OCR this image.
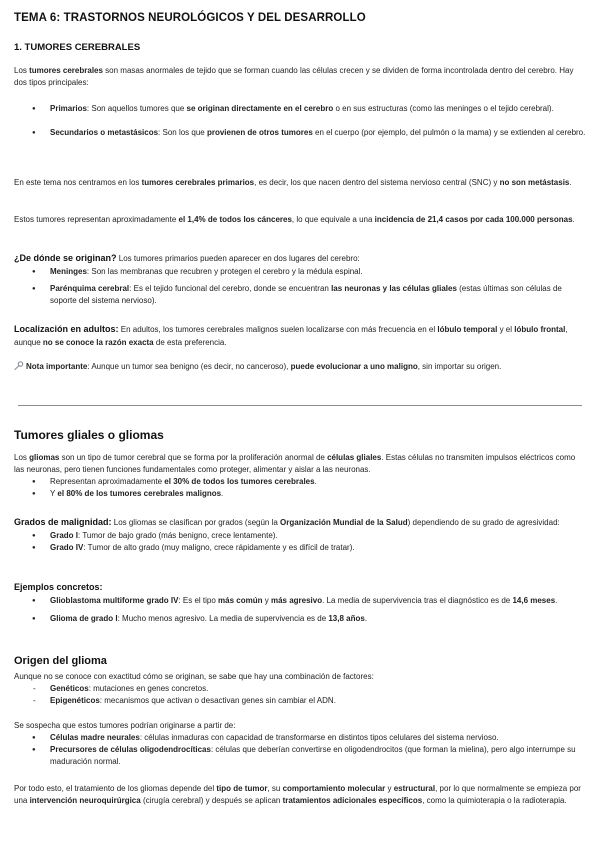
TEMA 6: TRASTORNOS NEUROLÓGICOS Y DEL DESARROLLO
1. TUMORES CEREBRALES

Los tumores cerebrales son masas anormales de tejido que se forman cuando las células crecen y se dividen de forma incontrolada dentro del cerebro. Hay dos tipos principales:

● Primarios: Son aquellos tumores que se originan directamente en el cerebro o en sus estructuras (como las meninges o el tejido cerebral).
● Secundarios o metastásicos: Son los que provienen de otros tumores en el cuerpo (por ejemplo, del pulmón o la mama) y se extienden al cerebro.

En este tema nos centramos en los tumores cerebrales primarios, es decir, los que nacen dentro del sistema nervioso central (SNC) y no son metástasis.

Estos tumores representan aproximadamente el 1,4% de todos los cánceres, lo que equivale a una incidencia de 21,4 casos por cada 100.000 personas.

¿De dónde se originan? Los tumores primarios pueden aparecer en dos lugares del cerebro:

● Meninges: Son las membranas que recubren y protegen el cerebro y la médula espinal.
● Parénquima cerebral: Es el tejido funcional del cerebro, donde se encuentran las neuronas y las células gliales (estas últimas son células de soporte del sistema nervioso).

Localización en adultos: En adultos, los tumores cerebrales malignos suelen localizarse con más frecuencia en el lóbulo temporal y el lóbulo frontal, aunque no se conoce la razón exacta de esta preferencia.

Nota importante: Aunque un tumor sea benigno (es decir, no canceroso), puede evolucionar a uno maligno, sin importar su origen.

Tumores gliales o gliomas

Los gliomas son un tipo de tumor cerebral que se forma por la proliferación anormal de células gliales. Estas células no transmiten impulsos eléctricos como las neuronas, pero tienen funciones fundamentales como proteger, alimentar y aislar a las neuronas.

● Representan aproximadamente el 30% de todos los tumores cerebrales.
● Y el 80% de los tumores cerebrales malignos.

Grados de malignidad: Los gliomas se clasifican por grados (según la Organización Mundial de la Salud) dependiendo de su grado de agresividad:

● Grado I: Tumor de bajo grado (más benigno, crece lentamente).
● Grado IV: Tumor de alto grado (muy maligno, crece rápidamente y es difícil de tratar).

Ejemplos concretos:

● Glioblastoma multiforme grado IV: Es el tipo más común y más agresivo. La media de supervivencia tras el diagnóstico es de 14,6 meses.
● Glioma de grado I: Mucho menos agresivo. La media de supervivencia es de 13,8 años.
Origen del glioma

Aunque no se conoce con exactitud cómo se originan, se sabe que hay una combinación de factores:

- Genéticos: mutaciones en genes concretos.
- Epigenéticos: mecanismos que activan o desactivan genes sin cambiar el ADN.

Se sospecha que estos tumores podrían originarse a partir de:

● Células madre neurales: células inmaduras con capacidad de transformarse en distintos tipos celulares del sistema nervioso.
● Precursores de células oligodendrocíticas: células que deberían convertirse en oligodendrocitos (que forman la mielina), pero algo interrumpe su maduración normal.

Por todo esto, el tratamiento de los gliomas depende del tipo de tumor, su comportamiento molecular y estructural, por lo que normalmente se empieza por una intervención neuroquirúrgica (cirugía cerebral) y después se aplican tratamientos adicionales específicos, como la quimioterapia o la radioterapia.
